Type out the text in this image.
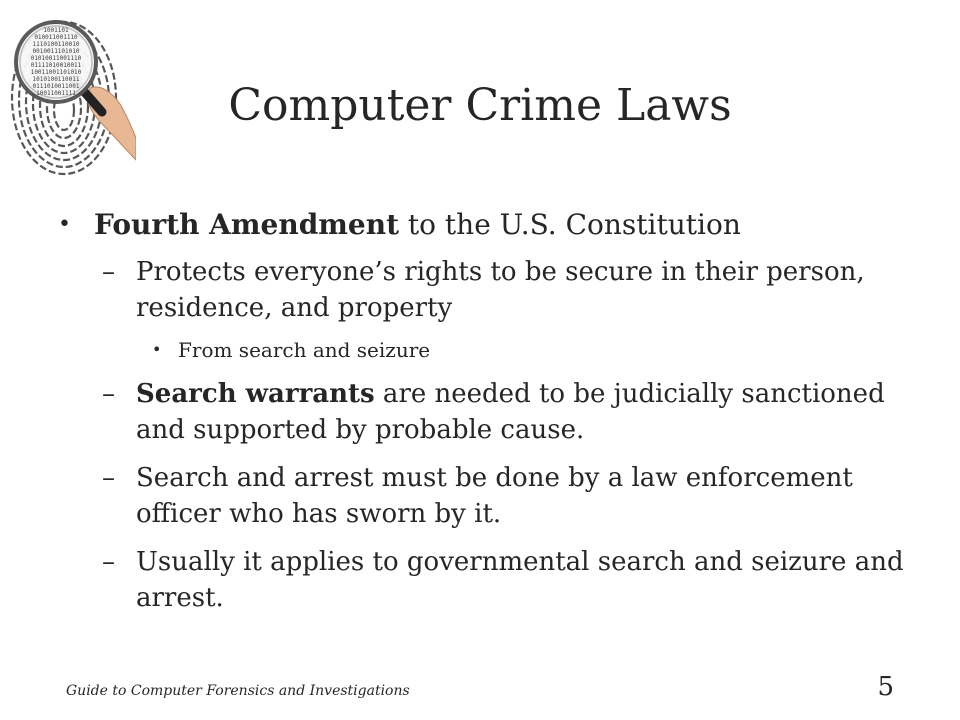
1001101
010011001110
1110100110010
0010011101010
01010011001110
01111010010011
10011001101010
1010100110011
0111010011001
10011001111	Computer Crime Laws
• Fourth Amendment to the U.S. Constitution
– Protects everyone’s rights to be secure in their person, residence, and property
• From search and seizure
– Search warrants are needed to be judicially sanctioned and supported by probable cause.
– Search and arrest must be done by a law enforcement officer who has sworn by it.
– Usually it applies to governmental search and seizure and arrest.
Guide to Computer Forensics and Investigations	5
